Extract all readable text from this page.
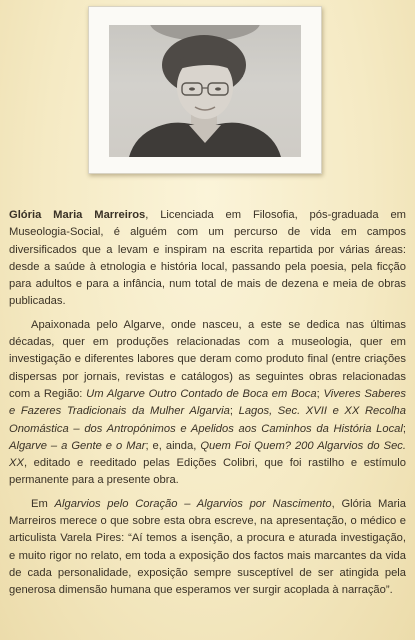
Glória Maria Marreiros, Licenciada em Filosofia, pós-graduada em Museologia-Social, é alguém com um percurso de vida em campos diversificados que a levam e inspiram na escrita repartida por várias áreas: desde a saúde à etnologia e história local, passando pela poesia, pela ficção para adultos e para a infância, num total de mais de dezena e meia de obras publicadas.

Apaixonada pelo Algarve, onde nasceu, a este se dedica nas últimas décadas, quer em produções relacionadas com a museologia, quer em investigação e diferentes labores que deram como produto final (entre criações dispersas por jornais, revistas e catálogos) as seguintes obras relacionadas com a Região: Um Algarve Outro Contado de Boca em Boca; Viveres Saberes e Fazeres Tradicionais da Mulher Algarvia; Lagos, Sec. XVII e XX Recolha Onomástica – dos Antropónimos e Apelidos aos Caminhos da História Local; Algarve – a Gente e o Mar; e, ainda, Quem Foi Quem? 200 Algarvios do Sec. XX, editado e reeditado pelas Edições Colibri, que foi rastilho e estímulo permanente para a presente obra.

Em Algarvios pelo Coração – Algarvios por Nascimento, Glória Maria Marreiros merece o que sobre esta obra escreve, na apresentação, o médico e articulista Varela Pires: “Aí temos a isenção, a procura e aturada investigação, e muito rigor no relato, em toda a exposição dos factos mais marcantes da vida de cada personalidade, exposição sempre susceptível de ser atingida pela generosa dimensão humana que esperamos ver surgir acoplada à narração”.
